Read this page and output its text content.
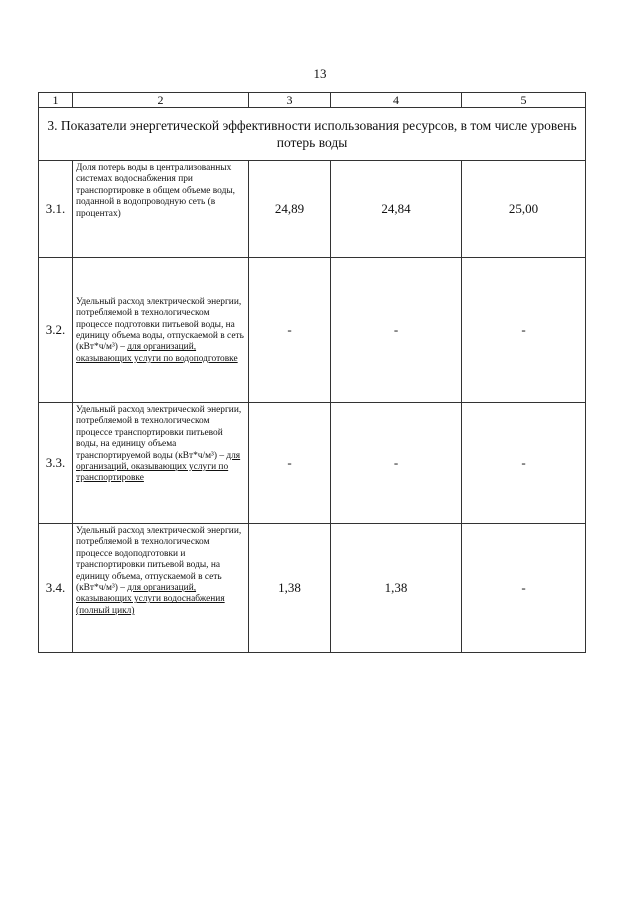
13
1	2	3	4	5
3. Показатели энергетической эффективности использования ресурсов, в том числе уровень потерь воды				
3.1.	Доля потерь воды в централизованных системах водоснабжения при транспортировке в общем объеме воды, поданной в водопроводную сеть (в процентах)	24,89	24,84	25,00
3.2.	Удельный расход электрической энергии, потребляемой в технологическом процессе подготовки питьевой воды, на единицу объема воды, отпускаемой в сеть (кВт*ч/м³) – для организаций, оказывающих услуги по водоподготовке	-	-	-
3.3.	Удельный расход электрической энергии, потребляемой в технологическом процессе транспортировки питьевой воды, на единицу объема транспортируемой воды (кВт*ч/м³) – для организаций, оказывающих услуги по транспортировке	-	-	-
3.4.	Удельный расход электрической энергии, потребляемой в технологическом процессе водоподготовки и транспортировки питьевой воды, на единицу объема, отпускаемой в сеть (кВт*ч/м³) – для организаций, оказывающих услуги водоснабжения (полный цикл)	1,38	1,38	-
